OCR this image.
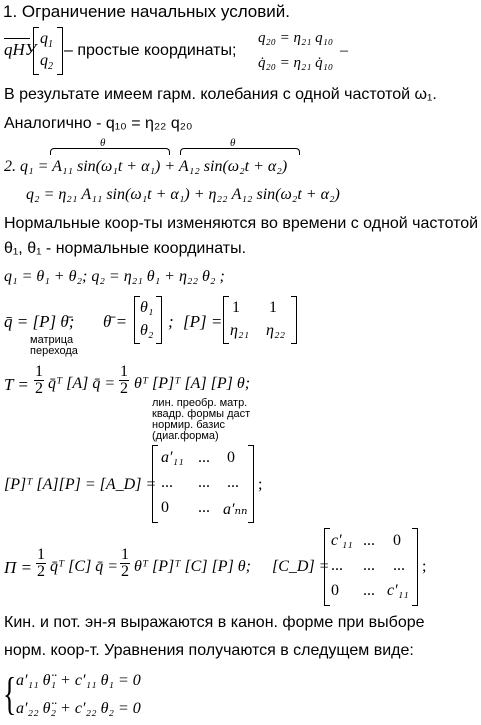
1. Ограничение начальных условий.
qНУ
$q_1$
$q_2$
– простые координаты;
q₂₀ = η₂₁ q₁₀
q̇₂₀ = η₂₁ q̇₁₀
–
В результате имеем гарм. колебания с одной частотой ω₁.
Аналогично - q₁₀ = η₂₂ q₂₀
θ	θ
2. q₁ = A₁₁ sin(ω₁t + α₁) + A₁₂ sin(ω₂t + α₂)
q₂ = η₂₁ A₁₁ sin(ω₁t + α₁) + η₂₂ A₁₂ sin(ω₂t + α₂)
Нормальные коор-ты изменяются во времени с одной частотой
θ₁, θ₁ - нормальные координаты.
q₁ = θ₁ + θ₂; q₂ = η₂₁ θ₁ + η₂₂ θ₂ ;
q̄ = [P] θ̄;
матрица
перехода
θ̄ =
θ₁
θ₂ ; [P] =
1 1
η₂₁ η₂₂
$T = \frac{1}{2}$ q̄ᵀ [A] q̄ = $\frac{1}{2}$ θᵀ [P]ᵀ [A] [P] θ;
лин. преобр. матр.
квадр. формы даст
нормир. базис
(диаг.форма)
[P]ᵀ [A][P] = [A_D] =
a′₁₁ ... 0
... ... ...
0 ... a′ₙₙ
;
$П = \frac{1}{2}$ q̄ᵀ [C] q̄ = $\frac{1}{2}$ θᵀ [P]ᵀ [C] [P] θ; [C_D] =
c′₁₁ ... 0
... ... ...
0 ... c′₁₁
;
Кин. и пот. эн-я выражаются в канон. форме при выборе
норм. коор-т. Уравнения получаются в следущем виде:
{ a′₁₁ θ̈₁ + c′₁₁ θ₁ = 0
a′₂₂ θ̈₂ + c′₂₂ θ₂ = 0
